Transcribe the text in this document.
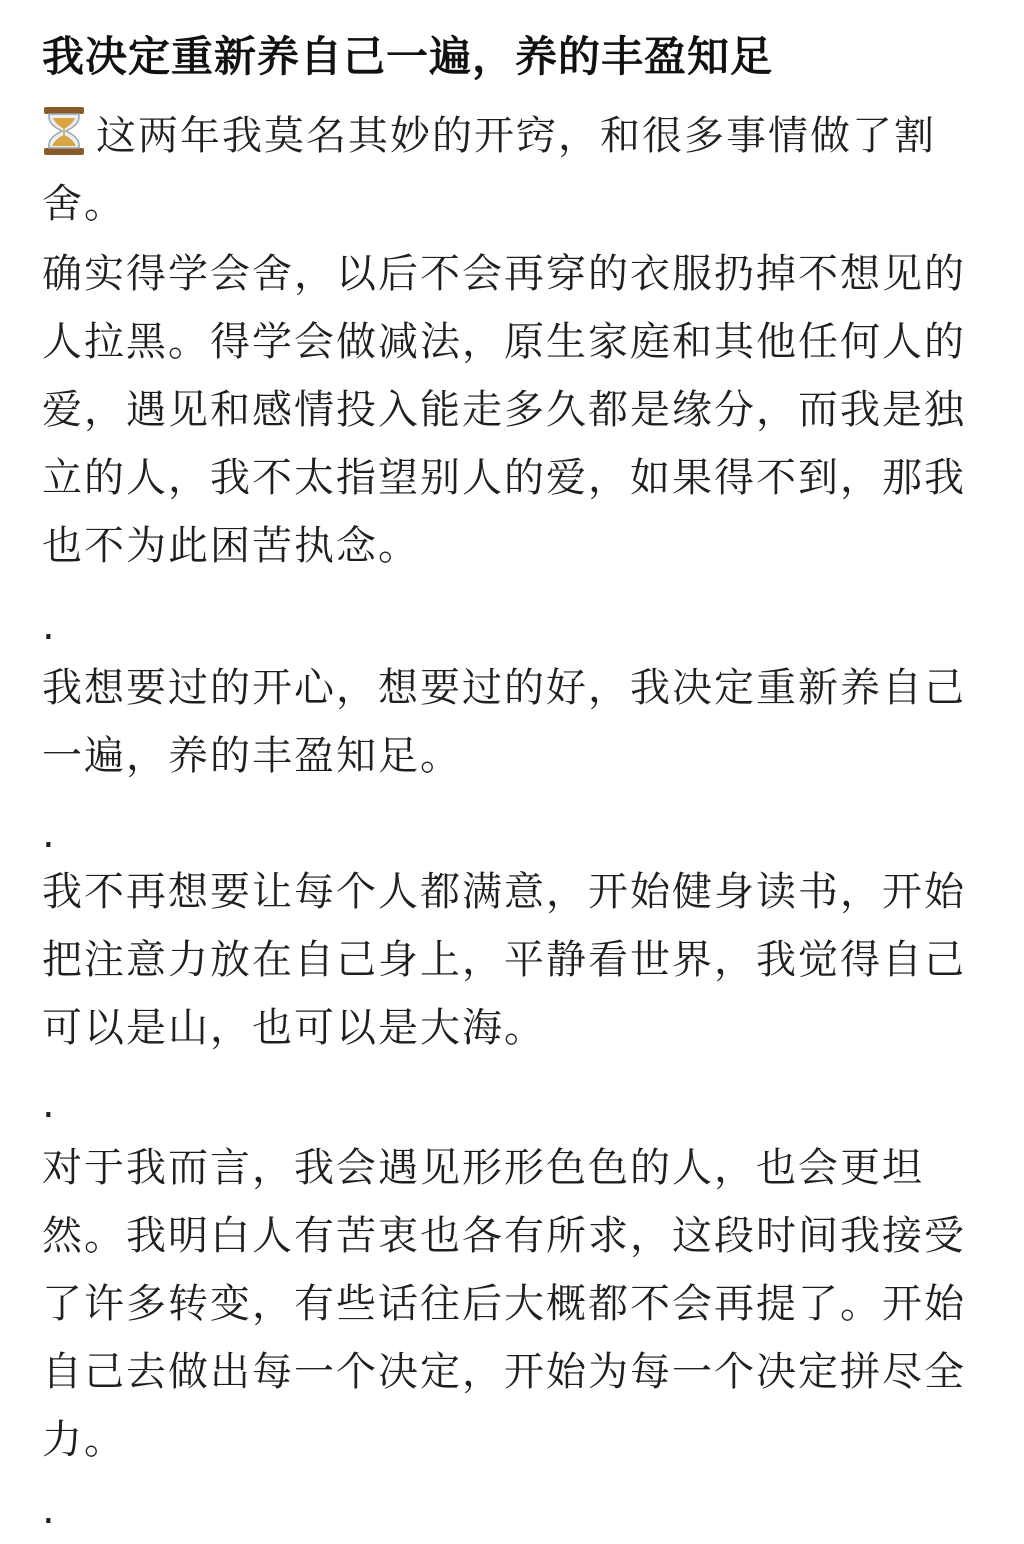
我决定重新养自己一遍，养的丰盈知足
这两年我莫名其妙的开窍，和很多事情做了割舍。
确实得学会舍，以后不会再穿的衣服扔掉不想见的人拉黑。得学会做减法，原生家庭和其他任何人的爱，遇见和感情投入能走多久都是缘分，而我是独立的人，我不太指望别人的爱，如果得不到，那我也不为此困苦执念。
.
我想要过的开心，想要过的好，我决定重新养自己一遍，养的丰盈知足。
.
我不再想要让每个人都满意，开始健身读书，开始把注意力放在自己身上，平静看世界，我觉得自己可以是山，也可以是大海。
.
对于我而言，我会遇见形形色色的人，也会更坦然。我明白人有苦衷也各有所求，这段时间我接受了许多转变，有些话往后大概都不会再提了。开始自己去做出每一个决定，开始为每一个决定拼尽全力。
.
